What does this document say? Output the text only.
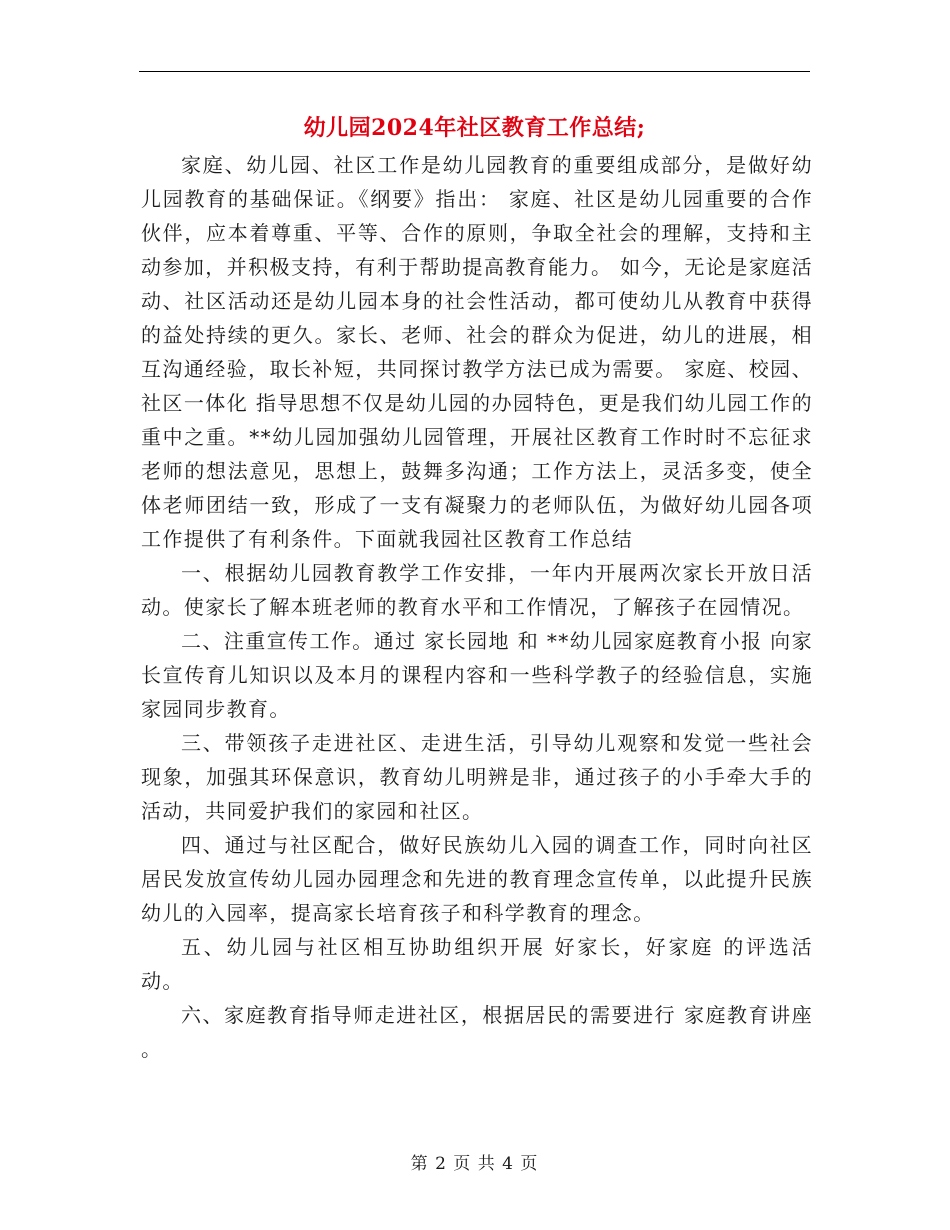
幼儿园2024年社区教育工作总结;

家庭、幼儿园、社区工作是幼儿园教育的重要组成部分，是做好幼儿园教育的基础保证。《纲要》指出： 家庭、社区是幼儿园重要的合作伙伴，应本着尊重、平等、合作的原则，争取全社会的理解，支持和主动参加，并积极支持，有利于帮助提高教育能力。 如今，无论是家庭活动、社区活动还是幼儿园本身的社会性活动，都可使幼儿从教育中获得的益处持续的更久。家长、老师、社会的群众为促进，幼儿的进展，相互沟通经验，取长补短，共同探讨教学方法已成为需要。 家庭、校园、社区一体化 指导思想不仅是幼儿园的办园特色，更是我们幼儿园工作的重中之重。**幼儿园加强幼儿园管理，开展社区教育工作时时不忘征求老师的想法意见，思想上，鼓舞多沟通；工作方法上，灵活多变，使全体老师团结一致，形成了一支有凝聚力的老师队伍，为做好幼儿园各项工作提供了有利条件。下面就我园社区教育工作总结

一、根据幼儿园教育教学工作安排，一年内开展两次家长开放日活动。使家长了解本班老师的教育水平和工作情况，了解孩子在园情况。

二、注重宣传工作。通过 家长园地 和 **幼儿园家庭教育小报 向家长宣传育儿知识以及本月的课程内容和一些科学教子的经验信息，实施家园同步教育。

三、带领孩子走进社区、走进生活，引导幼儿观察和发觉一些社会现象，加强其环保意识，教育幼儿明辨是非，通过孩子的小手牵大手的活动，共同爱护我们的家园和社区。

四、通过与社区配合，做好民族幼儿入园的调查工作，同时向社区居民发放宣传幼儿园办园理念和先进的教育理念宣传单，以此提升民族幼儿的入园率，提高家长培育孩子和科学教育的理念。

五、幼儿园与社区相互协助组织开展 好家长，好家庭 的评选活动。

六、家庭教育指导师走进社区，根据居民的需要进行 家庭教育讲座 。

第 2 页 共 4 页
